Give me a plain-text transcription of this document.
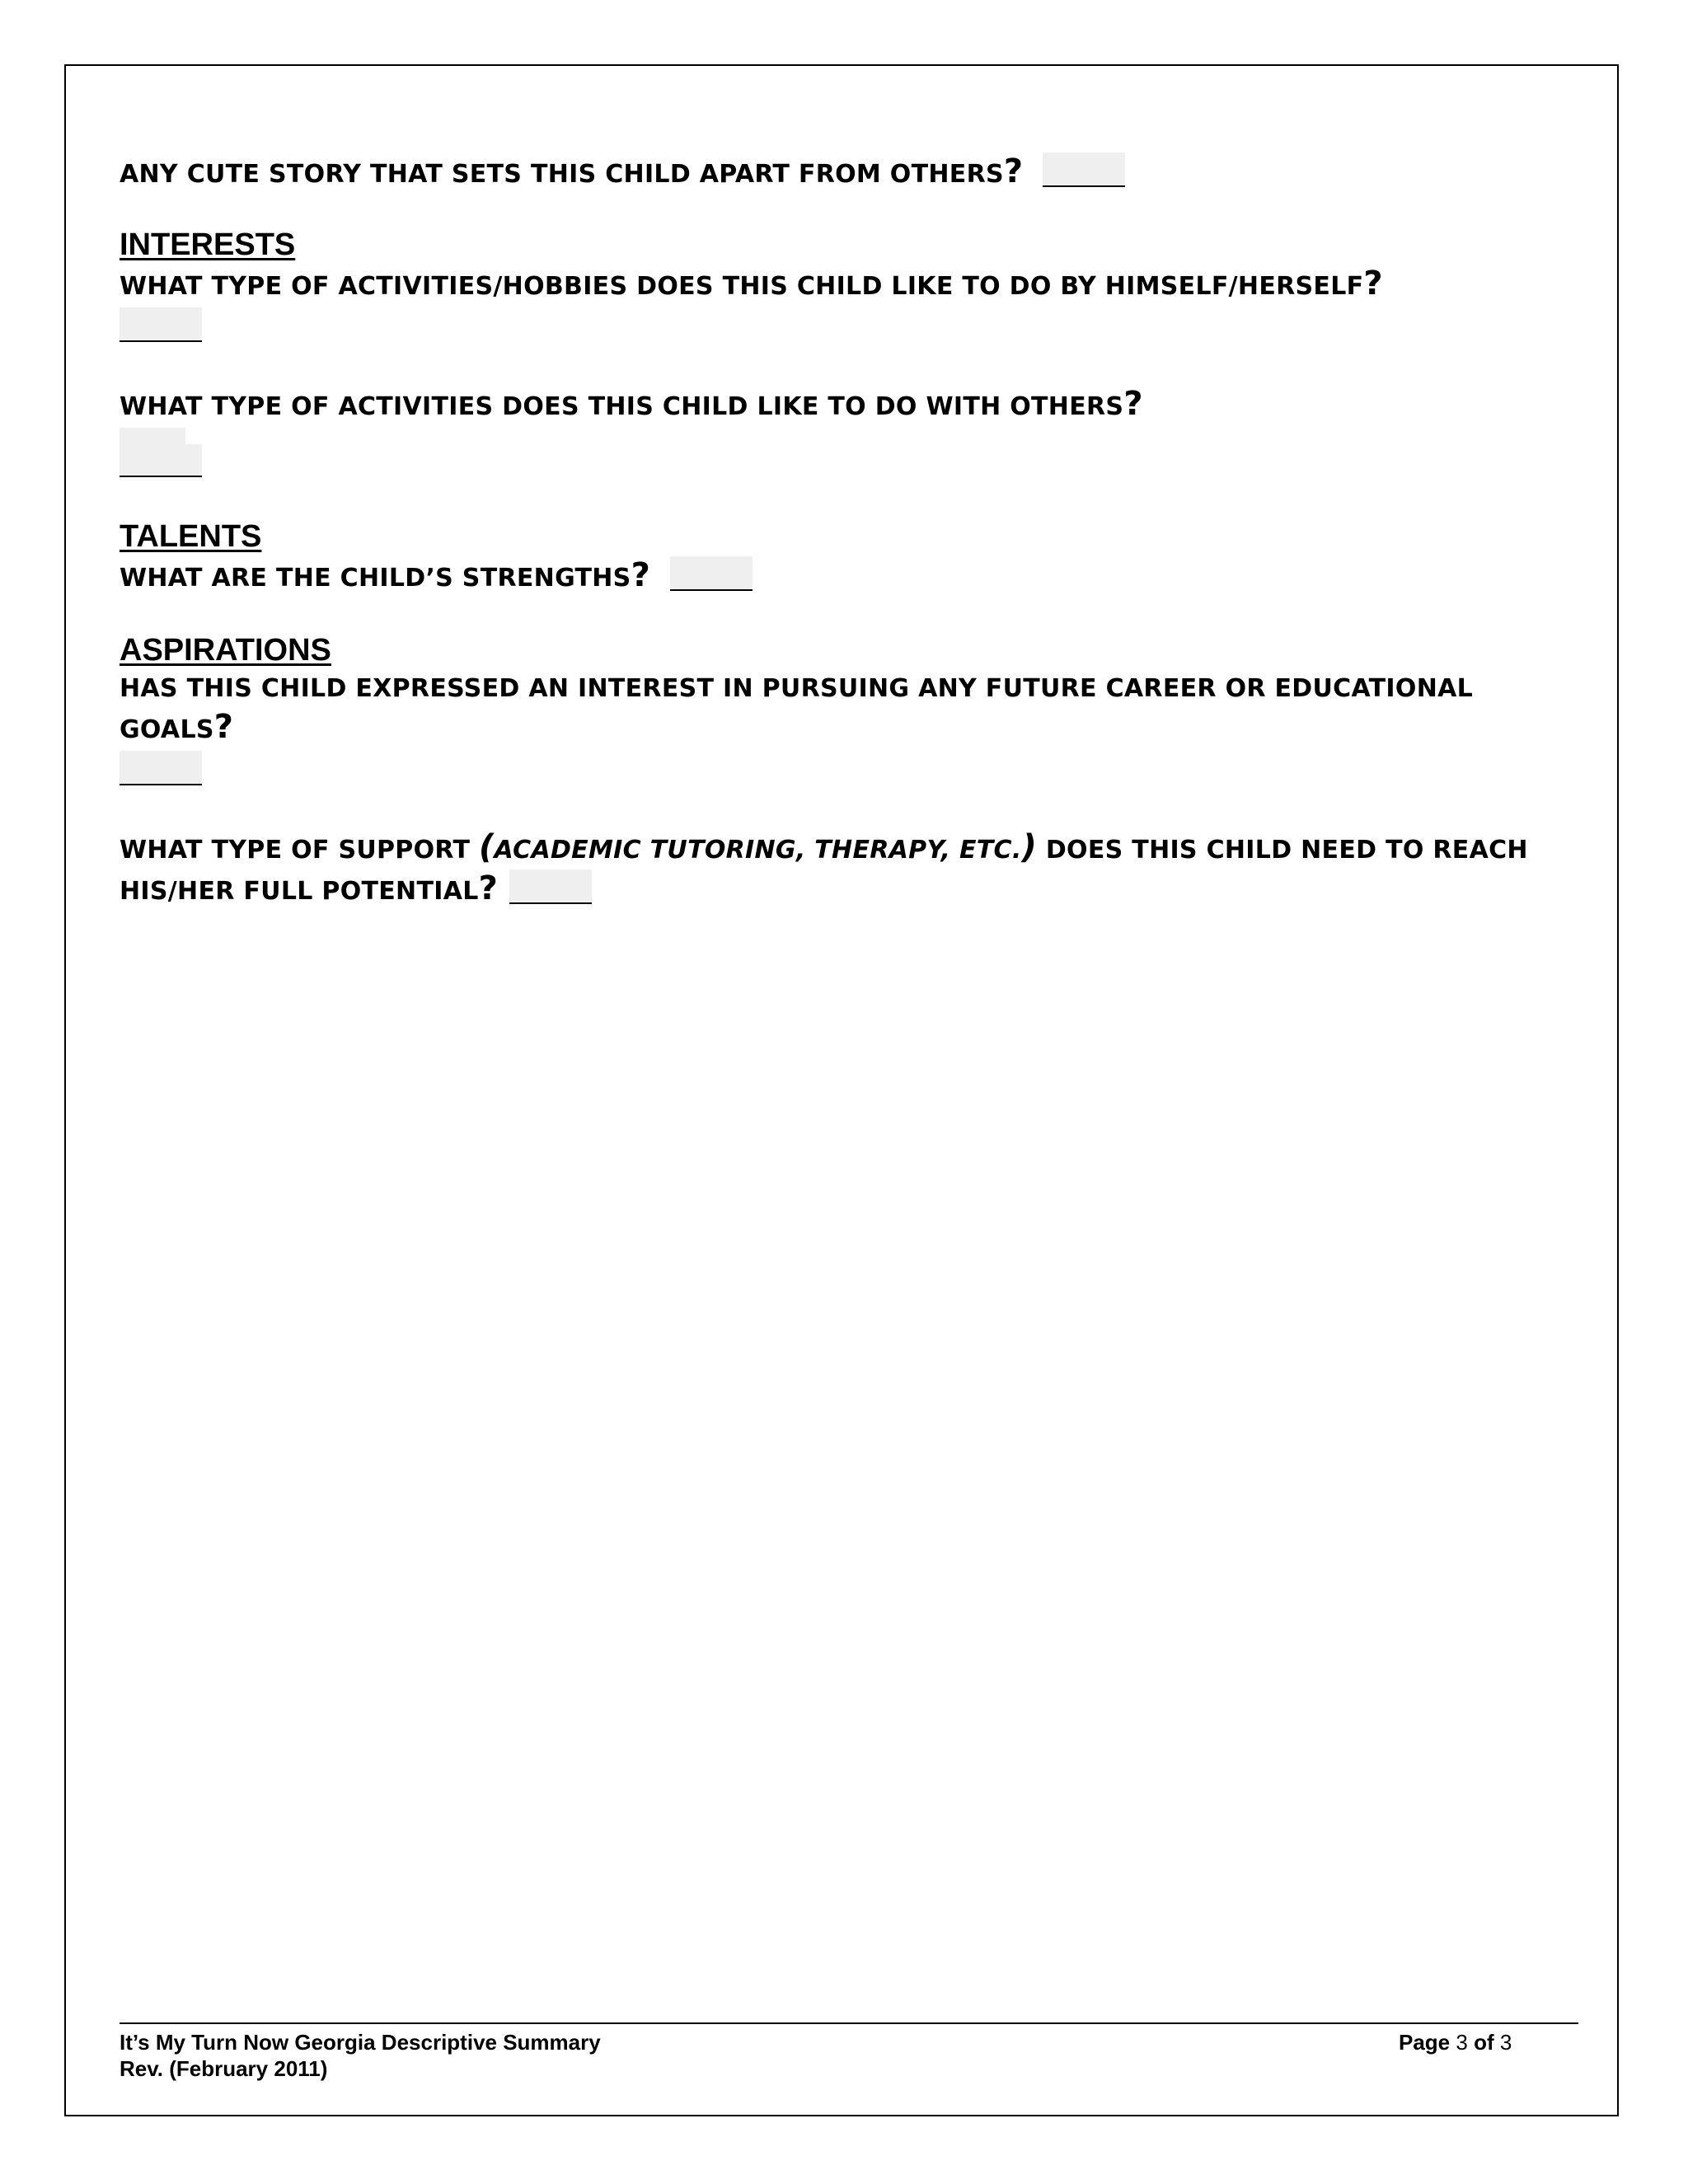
ANY CUTE STORY THAT SETS THIS CHILD APART FROM OTHERS?

INTERESTS

WHAT TYPE OF ACTIVITIES/HOBBIES DOES THIS CHILD LIKE TO DO BY HIMSELF/HERSELF?

WHAT TYPE OF ACTIVITIES DOES THIS CHILD LIKE TO DO WITH OTHERS?

TALENTS

WHAT ARE THE CHILD’S STRENGTHS?

ASPIRATIONS

HAS THIS CHILD EXPRESSED AN INTEREST IN PURSUING ANY FUTURE CAREER OR EDUCATIONAL GOALS?

WHAT TYPE OF SUPPORT (ACADEMIC TUTORING, THERAPY, ETC.) DOES THIS CHILD NEED TO REACH
HIS/HER FULL POTENTIAL?

It’s My Turn Now Georgia Descriptive Summary
Rev. (February 2011)
Page 3 of 3
